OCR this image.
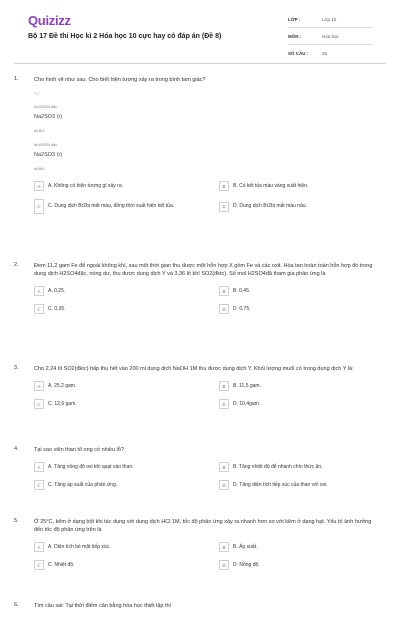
Quizizz
Bộ 17 Đề thi Học kì 2 Hóa học 10 cực hay có đáp án (Đề 8)
LỚP :	Lớp 10
MÔN :	Hóa học
SỐ CÂU :	25
1.	Cho hình vẽ như sau. Cho biết hiện tượng xảy ra trong bình tam giác?
"‘/–”
dd H2SO4 đặc
Na2SO3 (r)
dd Br2
dd H2SO4 đặc
Na2SO3 (r)
dd Br2
A	A. Không có hiện tượng gì xảy ra.	B	B. Có kết tủa màu vàng xuất hiện.
C	C. Dung dịch Br2bị mất màu, đồng thời xuất hiện kết tủa.	D	D. Dung dịch Br2bị mất màu nâu.
2.	Đem 11,2 gam Fe để ngoài không khí, sau một thời gian thu được một hỗn hợp X gồm Fe và các oxit. Hòa tan hoàn toàn hỗn hợp đó trong dung dịch H2SO4đặc, nóng dư, thu được dung dịch Y và 3,36 lít khí SO2(đktc). Số mol H2SO4đã tham gia phản ứng là
A	A. 0,25.	B	B. 0,45.
C	C. 0,35.	D	D. 0,75.
3.	Cho 2,24 lít SO2(đktc) hấp thụ hết vào 200 ml dung dịch NaOH 1M thu được dung dịch Y. Khối lượng muối có trong dung dịch Y là:
A	A. 25,2 gam.	B	B. 11,5 gam.
C	C. 12,6 gam.	D	D. 10,4gam.
4.	Tại sao viên than tổ ong có nhiều lỗ?
A	A. Tăng nồng độ oxi khi quạt vào than.	B	B. Tăng nhiệt độ để nhanh chín thức ăn.
C	C. Tăng áp suất của phản ứng.	D	D. Tăng diện tích tiếp xúc của than với oxi.
5.	Ở 25°C, kẽm ở dạng bột khi tác dụng với dung dịch HCl 1M, tốc độ phản ứng xảy ra nhanh hơn so với kẽm ở dạng hạt. Yếu tố ảnh hưởng đến tốc độ phản ứng trên là
A	A. Diện tích bề mặt tiếp xúc.	B	B. Áp suất.
C	C. Nhiệt độ.	D	D. Nồng độ.
6.	Tìm câu sai: Tại thời điểm cân bằng hóa học thiết lập thì
